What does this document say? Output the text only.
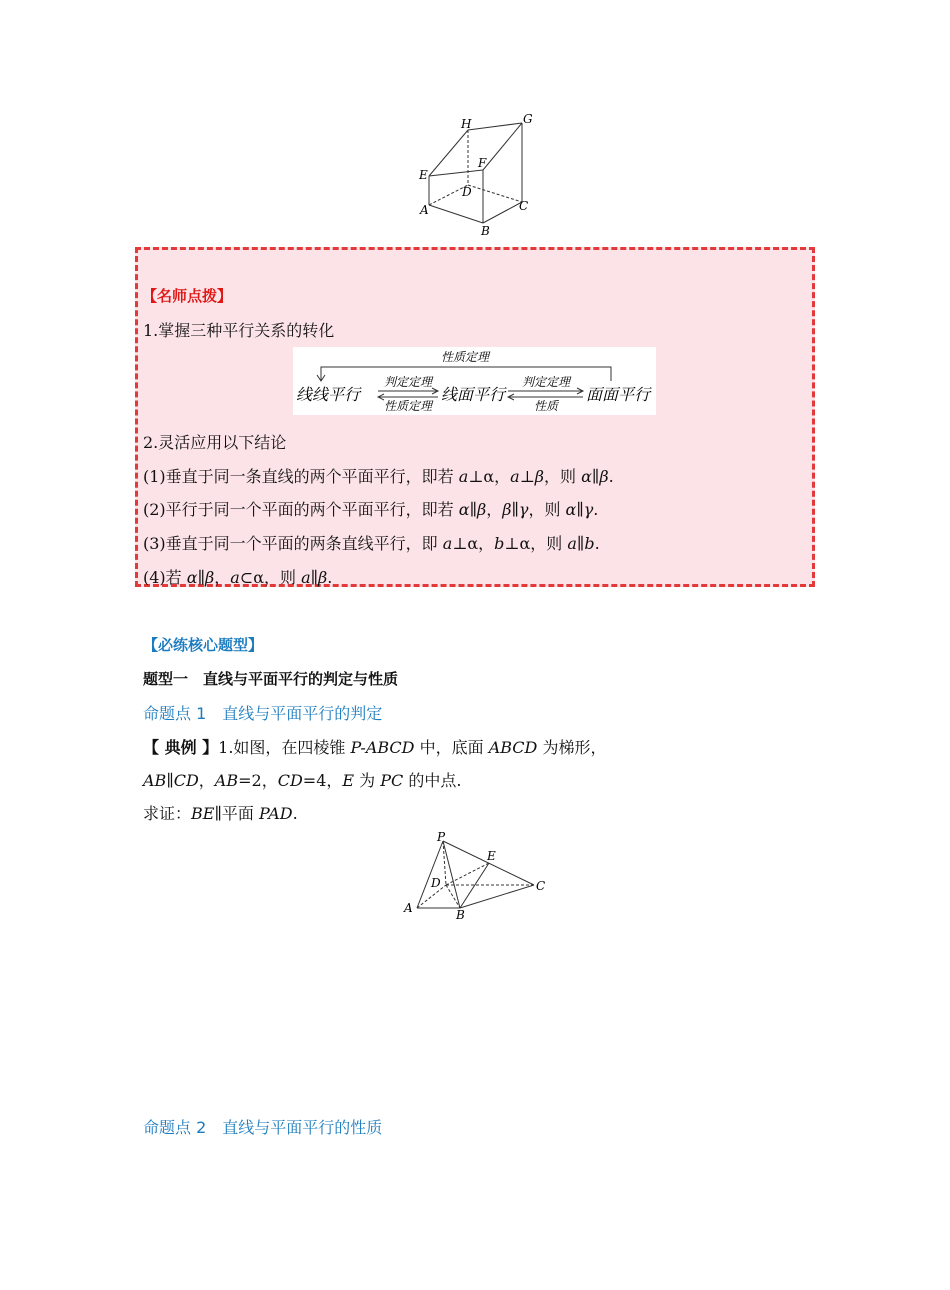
H	G
F
E
D
A
B
C
【名师点拨】
1.掌握三种平行关系的转化
性质定理
线线平行	线面平行	面面平行
判定定理
性质定理
判定定理
性质
2.灵活应用以下结论
(1)垂直于同一条直线的两个平面平行，即若 a⊥α，a⊥β，则 α∥β.
(2)平行于同一个平面的两个平面平行，即若 α∥β，β∥γ，则 α∥γ.
(3)垂直于同一个平面的两条直线平行，即 a⊥α，b⊥α，则 a∥b.
(4)若 α∥β，a⊂α，则 a∥β.
【必练核心题型】
题型一　直线与平面平行的判定与性质
命题点 1　直线与平面平行的判定
【 典例 】1.如图，在四棱锥 P-ABCD 中，底面 ABCD 为梯形，
AB∥CD，AB=2，CD=4，E 为 PC 的中点.
求证：BE∥平面 PAD.
P
E
D	C
A	B
命题点 2　直线与平面平行的性质
